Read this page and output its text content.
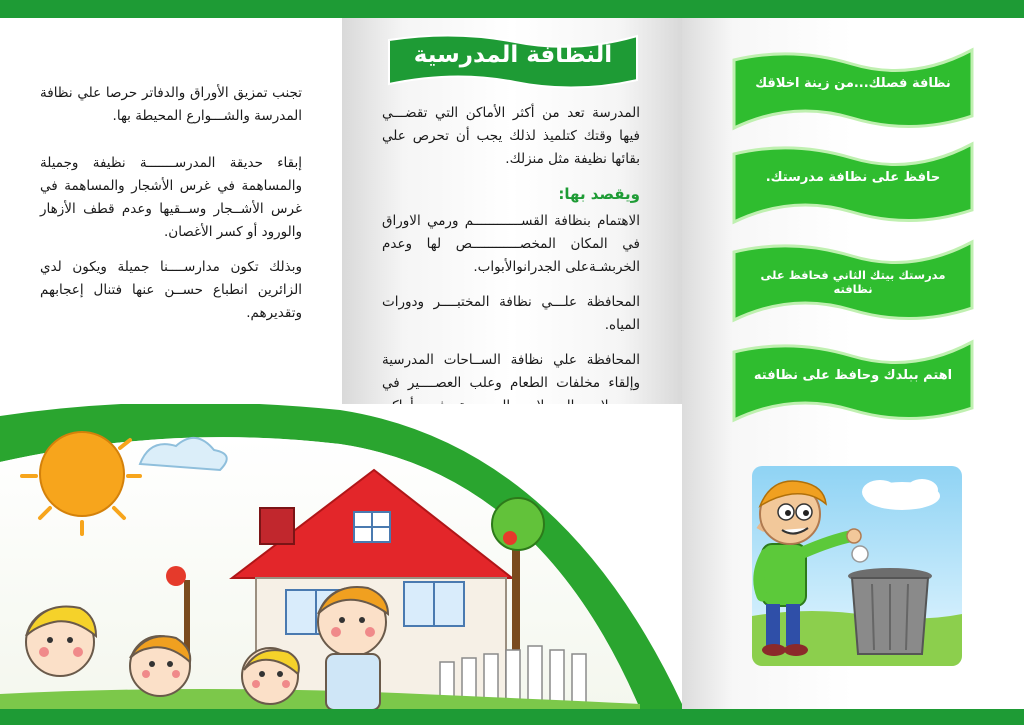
تجنب تمزيق الأوراق والدفاتر حرصا علي نظافة المدرسة والشـــوارع المحيطة بها.

إبقاء حديقة المدرســـــــة نظيفة وجميلة والمساهمة في غرس الأشجار والمساهمة في غرس الأشــجار وســقيها وعدم قطف الأزهار والورود أو كسر الأغصان.

وبذلك تكون مدارســــنا جميلة ويكون لدي الزائرين انطباع حســن عنها فتنال إعجابهم وتقديرهم.

النظافة المدرسية

المدرسة تعد من أكثر الأماكن التي تقضـــي فيها وقتك كتلميذ لذلك يجب أن تحرص علي بقائها نظيفة مثل منزلك.

ويقصد بها:

الاهتمام بنظافة القســــــــــــم ورمي الاوراق في المكان المخصــــــــــــص لها وعدم الخربشـةعلى الجدرانوالأبواب.

المحافظة علـــي نظافة المختبــــر ودورات المياه.

المحافظة علي نظافة الســاحات المدرسية وإلقاء مخلفات الطعام وعلب العصــــير في

نظافة فصلك...من زينة اخلاقك
حافظ على نظافة مدرستك.
مدرستك بيتك الثاني فحافظ على نظافته
اهتم ببلدك وحافظ على نظافته
